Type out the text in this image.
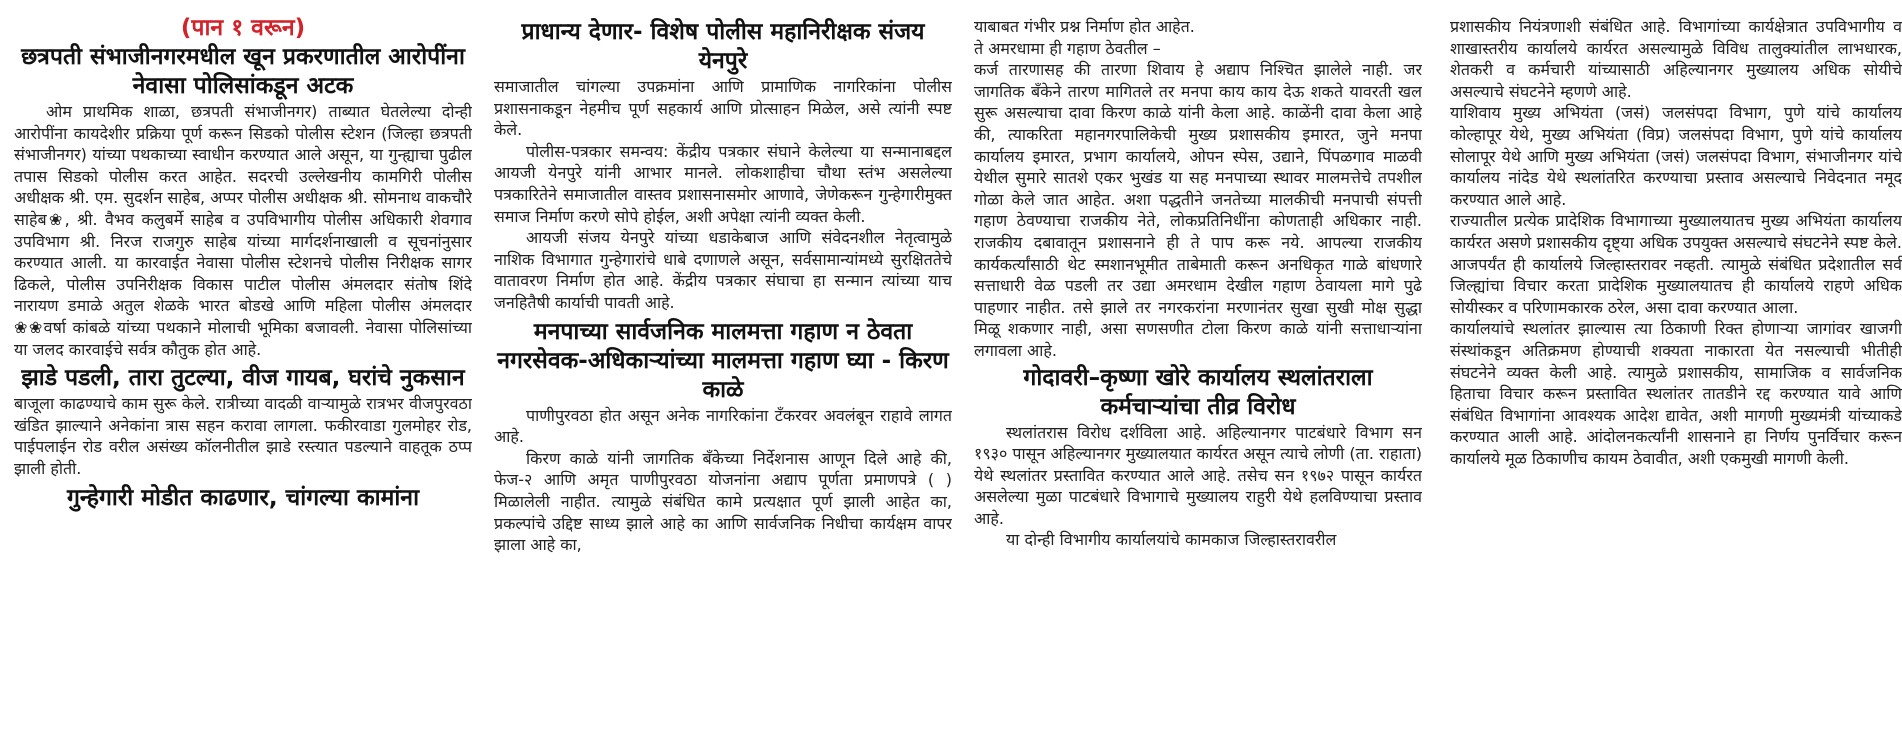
(पान १ वरून)
छत्रपती संभाजीनगरमधील खून प्रकरणातील आरोपींना नेवासा पोलिसांकडून अटक

ओम प्राथमिक शाळा, छत्रपती संभाजीनगर) ताब्यात घेतलेल्या दोन्ही आरोपींना कायदेशीर प्रक्रिया पूर्ण करून सिडको पोलीस स्टेशन (जिल्हा छत्रपती संभाजीनगर) यांच्या पथकाच्या स्वाधीन करण्यात आले असून, या गुन्ह्याचा पुढील तपास सिडको पोलीस करत आहेत. सदरची उल्लेखनीय कामगिरी पोलीस अधीक्षक श्री. एम. सुदर्शन साहेब, अप्पर पोलीस अधीक्षक श्री. सोमनाथ वाकचौरे साहेब❀, श्री. वैभव कलुबर्मे साहेब व उपविभागीय पोलीस अधिकारी शेवगाव उपविभाग श्री. निरज राजगुरु साहेब यांच्या मार्गदर्शनाखाली व सूचनांनुसार करण्यात आली. या कारवाईत नेवासा पोलीस स्टेशनचे पोलीस निरीक्षक सागर ढिकले, पोलीस उपनिरीक्षक विकास पाटील पोलीस अंमलदार संतोष शिंदे नारायण डमाळे अतुल शेळके भारत बोडखे आणि महिला पोलीस अंमलदार ❀❀वर्षा कांबळे यांच्या पथकाने मोलाची भूमिका बजावली. नेवासा पोलिसांच्या या जलद कारवाईचे सर्वत्र कौतुक होत आहे.

झाडे पडली, तारा तुटल्या, वीज गायब, घरांचे नुकसान

बाजूला काढण्याचे काम सुरू केले. रात्रीच्या वादळी वाऱ्यामुळे रात्रभर वीजपुरवठा खंडित झाल्याने अनेकांना त्रास सहन करावा लागला. फकीरवाडा गुलमोहर रोड, पाईपलाईन रोड वरील असंख्य कॉलनीतील झाडे रस्त्यात पडल्याने वाहतूक ठप्प झाली होती.

गुन्हेगारी मोडीत काढणार, चांगल्या कामांना
प्राधान्य देणार- विशेष पोलीस महानिरीक्षक संजय येनपुरे

समाजातील चांगल्या उपक्रमांना आणि प्रामाणिक नागरिकांना पोलीस प्रशासनाकडून नेहमीच पूर्ण सहकार्य आणि प्रोत्साहन मिळेल, असे त्यांनी स्पष्ट केले.

पोलीस-पत्रकार समन्वय: केंद्रीय पत्रकार संघाने केलेल्या या सन्मानाबद्दल आयजी येनपुरे यांनी आभार मानले. लोकशाहीचा चौथा स्तंभ असलेल्या पत्रकारितेने समाजातील वास्तव प्रशासनासमोर आणावे, जेणेकरून गुन्हेगारीमुक्त समाज निर्माण करणे सोपे होईल, अशी अपेक्षा त्यांनी व्यक्त केली.

आयजी संजय येनपुरे यांच्या धडाकेबाज आणि संवेदनशील नेतृत्वामुळे नाशिक विभागात गुन्हेगारांचे धाबे दणाणले असून, सर्वसामान्यांमध्ये सुरक्षिततेचे वातावरण निर्माण होत आहे. केंद्रीय पत्रकार संघाचा हा सन्मान त्यांच्या याच जनहितैषी कार्याची पावती आहे.

मनपाच्या सार्वजनिक मालमत्ता गहाण न ठेवता नगरसेवक-अधिकाऱ्यांच्या मालमत्ता गहाण घ्या - किरण काळे

पाणीपुरवठा होत असून अनेक नागरिकांना टँकरवर अवलंबून राहावे लागत आहे.

किरण काळे यांनी जागतिक बँकेच्या निर्देशनास आणून दिले आहे की, फेज-२ आणि अमृत पाणीपुरवठा योजनांना अद्याप पूर्णता प्रमाणपत्रे ( ) मिळालेली नाहीत. त्यामुळे संबंधित कामे प्रत्यक्षात पूर्ण झाली आहेत का, प्रकल्पांचे उद्दिष्ट साध्य झाले आहे का आणि सार्वजनिक निधीचा कार्यक्षम वापर झाला आहे का,

याबाबत गंभीर प्रश्न निर्माण होत आहेत.

ते अमरधामा ही गहाण ठेवतील –

कर्ज तारणासह की तारणा शिवाय हे अद्याप निश्चित झालेले नाही. जर जागतिक बँकेने तारण मागितले तर मनपा काय काय देऊ शकते यावरती खल सुरू असल्याचा दावा किरण काळे यांनी केला आहे. काळेंनी दावा केला आहे की, त्याकरिता महानगरपालिकेची मुख्य प्रशासकीय इमारत, जुने मनपा कार्यालय इमारत, प्रभाग कार्यालये, ओपन स्पेस, उद्याने, पिंपळगाव माळवी येथील सुमारे सातशे एकर भुखंड या सह मनपाच्या स्थावर मालमत्तेचे तपशील गोळा केले जात आहेत. अशा पद्धतीने जनतेच्या मालकीची मनपाची संपत्ती गहाण ठेवण्याचा राजकीय नेते, लोकप्रतिनिधींना कोणताही अधिकार नाही. राजकीय दबावातून प्रशासनाने ही ते पाप करू नये. आपल्या राजकीय कार्यकर्त्यांसाठी थेट स्मशानभूमीत ताबेमाती करून अनधिकृत गाळे बांधणारे सत्ताधारी वेळ पडली तर उद्या अमरधाम देखील गहाण ठेवायला मागे पुढे पाहणार नाहीत. तसे झाले तर नगरकरांना मरणानंतर सुखा सुखी मोक्ष सुद्धा मिळू शकणार नाही, असा सणसणीत टोला किरण काळे यांनी सत्ताधाऱ्यांना लगावला आहे.

गोदावरी–कृष्णा खोरे कार्यालय स्थलांतराला कर्मचाऱ्यांचा तीव्र विरोध

स्थलांतरास विरोध दर्शविला आहे. अहिल्यानगर पाटबंधारे विभाग सन १९३० पासून अहिल्यानगर मुख्यालयात कार्यरत असून त्याचे लोणी (ता. राहाता) येथे स्थलांतर प्रस्तावित करण्यात आले आहे. तसेच सन १९७२ पासून कार्यरत असलेल्या मुळा पाटबंधारे विभागाचे मुख्यालय राहुरी येथे हलविण्याचा प्रस्ताव आहे.

या दोन्ही विभागीय कार्यालयांचे कामकाज जिल्हास्तरावरील

प्रशासकीय नियंत्रणाशी संबंधित आहे. विभागांच्या कार्यक्षेत्रात उपविभागीय व शाखास्तरीय कार्यालये कार्यरत असल्यामुळे विविध तालुक्यांतील लाभधारक, शेतकरी व कर्मचारी यांच्यासाठी अहिल्यानगर मुख्यालय अधिक सोयीचे असल्याचे संघटनेने म्हणणे आहे.

याशिवाय मुख्य अभियंता (जसं) जलसंपदा विभाग, पुणे यांचे कार्यालय कोल्हापूर येथे, मुख्य अभियंता (विप्र) जलसंपदा विभाग, पुणे यांचे कार्यालय सोलापूर येथे आणि मुख्य अभियंता (जसं) जलसंपदा विभाग, संभाजीनगर यांचे कार्यालय नांदेड येथे स्थलांतरित करण्याचा प्रस्ताव असल्याचे निवेदनात नमूद करण्यात आले आहे.

राज्यातील प्रत्येक प्रादेशिक विभागाच्या मुख्यालयातच मुख्य अभियंता कार्यालय कार्यरत असणे प्रशासकीय दृष्ट्या अधिक उपयुक्त असल्याचे संघटनेने स्पष्ट केले. आजपर्यंत ही कार्यालये जिल्हास्तरावर नव्हती. त्यामुळे संबंधित प्रदेशातील सर्व जिल्ह्यांचा विचार करता प्रादेशिक मुख्यालयातच ही कार्यालये राहणे अधिक सोयीस्कर व परिणामकारक ठरेल, असा दावा करण्यात आला.

कार्यालयांचे स्थलांतर झाल्यास त्या ठिकाणी रिक्त होणाऱ्या जागांवर खाजगी संस्थांकडून अतिक्रमण होण्याची शक्यता नाकारता येत नसल्याची भीतीही संघटनेने व्यक्त केली आहे. त्यामुळे प्रशासकीय, सामाजिक व सार्वजनिक हिताचा विचार करून प्रस्तावित स्थलांतर तातडीने रद्द करण्यात यावे आणि संबंधित विभागांना आवश्यक आदेश द्यावेत, अशी मागणी मुख्यमंत्री यांच्याकडे करण्यात आली आहे. आंदोलनकर्त्यांनी शासनाने हा निर्णय पुनर्विचार करून कार्यालये मूळ ठिकाणीच कायम ठेवावीत, अशी एकमुखी मागणी केली.
